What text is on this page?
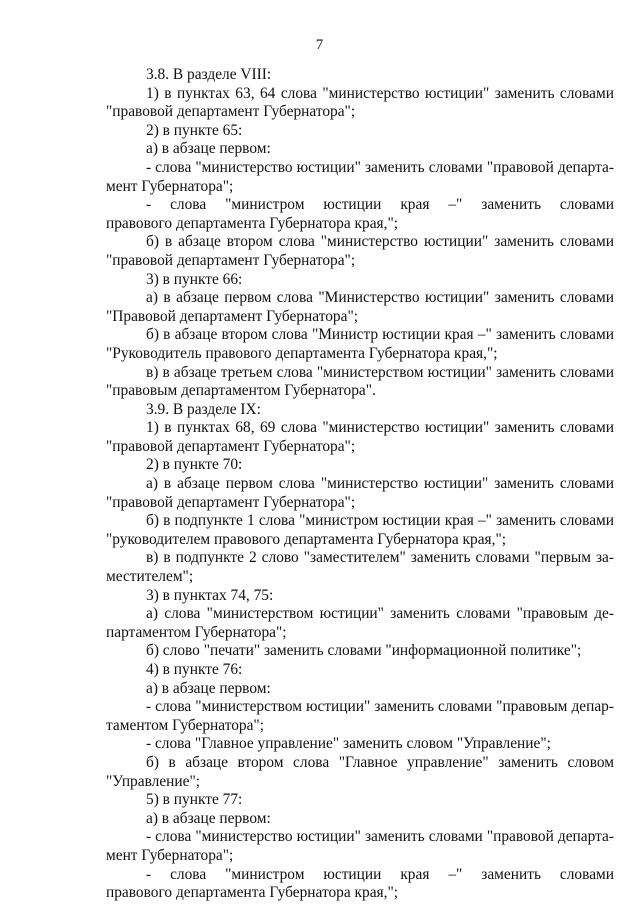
7
3.8. В разделе VIII:
1) в пунктах 63, 64 слова "министерство юстиции" заменить словами
"правовой департамент Губернатора";
2) в пункте 65:
а) в абзаце первом:
- слова "министерство юстиции" заменить словами "правовой департа-
мент Губернатора";
- слова "министром юстиции края –" заменить словами
правового департамента Губернатора края,";
б) в абзаце втором слова "министерство юстиции" заменить словами
"правовой департамент Губернатора";
3) в пункте 66:
а) в абзаце первом слова "Министерство юстиции" заменить словами
"Правовой департамент Губернатора";
б) в абзаце втором слова "Министр юстиции края –" заменить словами
"Руководитель правового департамента Губернатора края,";
в) в абзаце третьем слова "министерством юстиции" заменить словами
"правовым департаментом Губернатора".
3.9. В разделе IX:
1) в пунктах 68, 69 слова "министерство юстиции" заменить словами
"правовой департамент Губернатора";
2) в пункте 70:
а) в абзаце первом слова "министерство юстиции" заменить словами
"правовой департамент Губернатора";
б) в подпункте 1 слова "министром юстиции края –" заменить словами
"руководителем правового департамента Губернатора края,";
в) в подпункте 2 слово "заместителем" заменить словами "первым за-
местителем";
3) в пунктах 74, 75:
а) слова "министерством юстиции" заменить словами "правовым де-
партаментом Губернатора";
б) слово "печати" заменить словами "информационной политике";
4) в пункте 76:
а) в абзаце первом:
- слова "министерством юстиции" заменить словами "правовым депар-
таментом Губернатора";
- слова "Главное управление" заменить словом "Управление";
б) в абзаце втором слова "Главное управление" заменить словом
"Управление";
5) в пункте 77:
а) в абзаце первом:
- слова "министерство юстиции" заменить словами "правовой департа-
мент Губернатора";
- слова "министром юстиции края –" заменить словами
правового департамента Губернатора края,";
